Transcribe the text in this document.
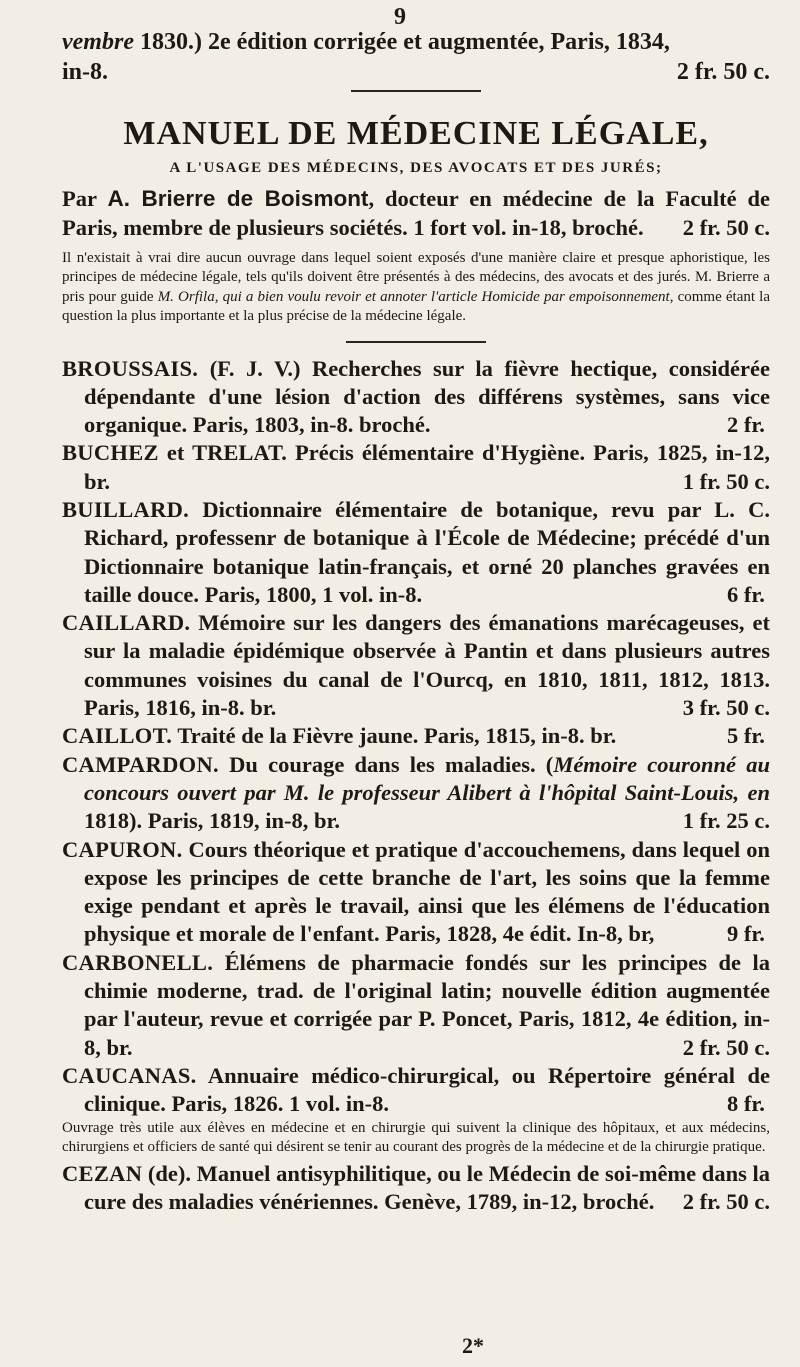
9
vembre 1830.) 2e édition corrigée et augmentée, Paris, 1834,
in-8.	2 fr. 50 c.
MANUEL DE MÉDECINE LÉGALE,
A L'USAGE DES MÉDECINS, DES AVOCATS ET DES JURÉS;

Par A. Brierre de Boismont, docteur en médecine de la Faculté de Paris, membre de plusieurs sociétés. 1 fort vol. in-18, broché.	2 fr. 50 c.

Il n'existait à vrai dire aucun ouvrage dans lequel soient exposés d'une manière claire et presque aphoristique, les principes de médecine légale, tels qu'ils doivent être présentés à des médecins, des avocats et des jurés. M. Brierre a pris pour guide M. Orfila, qui a bien voulu revoir et annoter l'article Homicide par empoisonnement, comme étant la question la plus importante et la plus précise de la médecine légale.

BROUSSAIS. (F. J. V.) Recherches sur la fièvre hectique, considérée dépendante d'une lésion d'action des différens systèmes, sans vice organique. Paris, 1803, in-8. broché.	2 fr.

BUCHEZ et TRELAT. Précis élémentaire d'Hygiène. Paris, 1825, in-12, br.	1 fr. 50 c.

BUILLARD. Dictionnaire élémentaire de botanique, revu par L. C. Richard, professenr de botanique à l'École de Médecine; précédé d'un Dictionnaire botanique latin-français, et orné 20 planches gravées en taille douce. Paris, 1800, 1 vol. in-8.	6 fr.

CAILLARD. Mémoire sur les dangers des émanations marécageuses, et sur la maladie épidémique observée à Pantin et dans plusieurs autres communes voisines du canal de l'Ourcq, en 1810, 1811, 1812, 1813. Paris, 1816, in-8. br.	3 fr. 50 c.

CAILLOT. Traité de la Fièvre jaune. Paris, 1815, in-8. br.	5 fr.

CAMPARDON. Du courage dans les maladies. (Mémoire couronné au concours ouvert par M. le professeur Alibert à l'hôpital Saint-Louis, en 1818). Paris, 1819, in-8, br.	1 fr. 25 c.

CAPURON. Cours théorique et pratique d'accouchemens, dans lequel on expose les principes de cette branche de l'art, les soins que la femme exige pendant et après le travail, ainsi que les élémens de l'éducation physique et morale de l'enfant. Paris, 1828, 4e édit. In-8, br,	9 fr.

CARBONELL. Élémens de pharmacie fondés sur les principes de la chimie moderne, trad. de l'original latin; nouvelle édition augmentée par l'auteur, revue et corrigée par P. Poncet, Paris, 1812, 4e édition, in-8, br.	2 fr. 50 c.

CAUCANAS. Annuaire médico-chirurgical, ou Répertoire général de clinique. Paris, 1826. 1 vol. in-8.	8 fr.

Ouvrage très utile aux élèves en médecine et en chirurgie qui suivent la clinique des hôpitaux, et aux médecins, chirurgiens et officiers de santé qui désirent se tenir au courant des progrès de la médecine et de la chirurgie pratique.

CEZAN (de). Manuel antisyphilitique, ou le Médecin de soi-même dans la cure des maladies vénériennes. Genève, 1789, in-12, broché. 2 fr. 50 c.

2*
